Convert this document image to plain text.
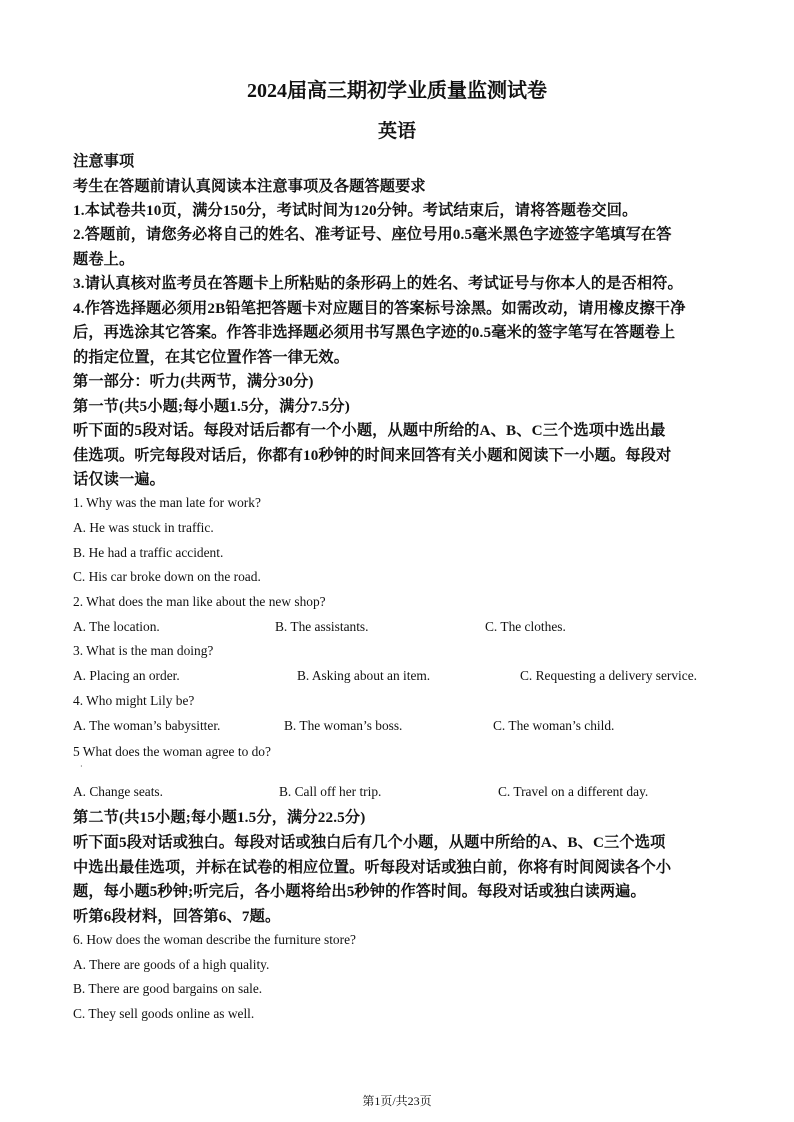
2024届高三期初学业质量监测试卷
英语
注意事项
考生在答题前请认真阅读本注意事项及各题答题要求
1.本试卷共10页，满分150分，考试时间为120分钟。考试结束后，请将答题卷交回。
2.答题前，请您务必将自己的姓名、准考证号、座位号用0.5毫米黑色字迹签字笔填写在答
题卷上。
3.请认真核对监考员在答题卡上所粘贴的条形码上的姓名、考试证号与你本人的是否相符。
4.作答选择题必须用2B铅笔把答题卡对应题目的答案标号涂黑。如需改动，请用橡皮擦干净
后，再选涂其它答案。作答非选择题必须用书写黑色字迹的0.5毫米的签字笔写在答题卷上
的指定位置，在其它位置作答一律无效。
第一部分：听力(共两节，满分30分)
第一节(共5小题;每小题1.5分，满分7.5分)
听下面的5段对话。每段对话后都有一个小题，从题中所给的A、B、C三个选项中选出最
佳选项。听完每段对话后，你都有10秒钟的时间来回答有关小题和阅读下一小题。每段对
话仅读一遍。
1. Why was the man late for work?
A. He was stuck in traffic.
B. He had a traffic accident.
C. His car broke down on the road.
2. What does the man like about the new shop?
A. The location.	B. The assistants.	C. The clothes.
3. What is the man doing?
A. Placing an order.	B. Asking about an item.	C. Requesting a delivery service.
4. Who might Lily be?
A. The woman’s babysitter.	B. The woman’s boss.	C. The woman’s child.
5 What does the woman agree to do?
·
A. Change seats.	B. Call off her trip.	C. Travel on a different day.
第二节(共15小题;每小题1.5分，满分22.5分)
听下面5段对话或独白。每段对话或独白后有几个小题，从题中所给的A、B、C三个选项
中选出最佳选项，并标在试卷的相应位置。听每段对话或独白前，你将有时间阅读各个小
题，每小题5秒钟;听完后，各小题将给出5秒钟的作答时间。每段对话或独白读两遍。
听第6段材料，回答第6、7题。
6. How does the woman describe the furniture store?
A. There are goods of a high quality.
B. There are good bargains on sale.
C. They sell goods online as well.
第1页/共23页
